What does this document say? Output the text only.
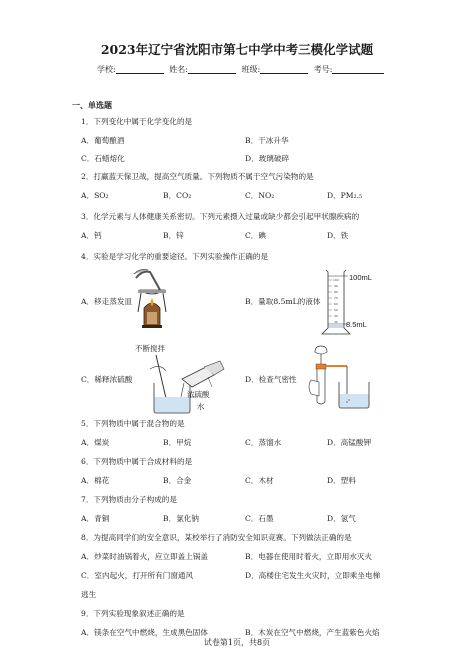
2023年辽宁省沈阳市第七中学中考三模化学试题
学校:	姓名:	班级:	考号:
一、单选题
1．下列变化中属于化学变化的是
A．葡萄酿酒	B．干冰升华
C．石蜡熔化	D．玻璃破碎
2．打赢蓝天保卫战，提高空气质量。下列物质不属于空气污染物的是
A．SO₂	B．CO₂	C．NO₂	D．PM₂.₅
3．化学元素与人体健康关系密切。下列元素摄入过量或缺少都会引起甲状腺疾病的
A．钙	B．锌	C．碘	D．铁
4．实验是学习化学的重要途径。下列实验操作正确的是
A．移走蒸发皿
100
90
80
70
60
50
40
30
100mL
8.5mL
B．量取8.5mL的液体
不断搅拌
浓硫酸
水
C．稀释浓硫酸	D．检查气密性
5．下列物质中属于混合物的是
A．煤炭	B．甲烷	C．蒸馏水	D．高锰酸钾
6．下列物质中属于合成材料的是
A．棉花	B．合金	C．木材	D．塑料
7．下列物质由分子构成的是
A．青铜	B．氯化钠	C．石墨	D．氢气
8．为提高同学们的安全意识，某校举行了消防安全知识竞赛。下列做法正确的是
A．炒菜时油锅着火，应立即盖上锅盖	B．电器在使用时着火，立即用水灭火
C．室内起火，打开所有门窗通风	D．高楼住宅发生火灾时，立即乘坐电梯
逃生
9．下列实验现象叙述正确的是
A．镁条在空气中燃烧，生成黑色固体	B．木炭在空气中燃烧，产生蓝紫色火焰
试卷第1页，共8页
